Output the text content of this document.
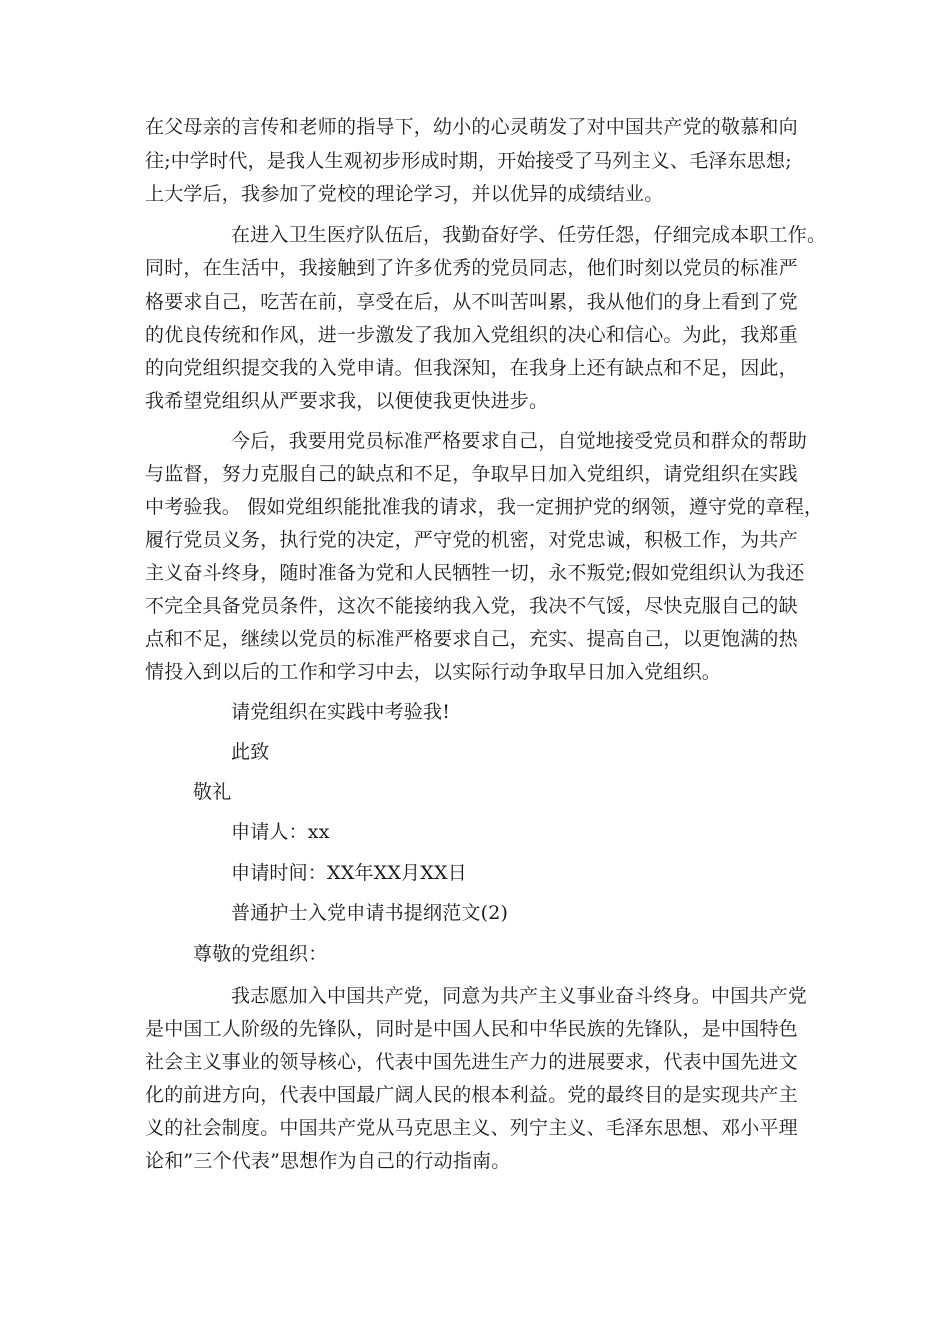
在父母亲的言传和老师的指导下，幼小的心灵萌发了对中国共产党的敬慕和向
往;中学时代，是我人生观初步形成时期，开始接受了马列主义、毛泽东思想;
上大学后，我参加了党校的理论学习，并以优异的成绩结业。
在进入卫生医疗队伍后，我勤奋好学、任劳任怨，仔细完成本职工作。
同时，在生活中，我接触到了许多优秀的党员同志，他们时刻以党员的标准严
格要求自己，吃苦在前，享受在后，从不叫苦叫累，我从他们的身上看到了党
的优良传统和作风，进一步激发了我加入党组织的决心和信心。为此，我郑重
的向党组织提交我的入党申请。但我深知，在我身上还有缺点和不足，因此，
我希望党组织从严要求我，以便使我更快进步。
今后，我要用党员标准严格要求自己，自觉地接受党员和群众的帮助
与监督，努力克服自己的缺点和不足，争取早日加入党组织，请党组织在实践
中考验我。 假如党组织能批准我的请求，我一定拥护党的纲领，遵守党的章程，
履行党员义务，执行党的决定，严守党的机密，对党忠诚，积极工作，为共产
主义奋斗终身，随时准备为党和人民牺牲一切，永不叛党;假如党组织认为我还
不完全具备党员条件，这次不能接纳我入党，我决不气馁，尽快克服自己的缺
点和不足，继续以党员的标准严格要求自己，充实、提高自己，以更饱满的热
情投入到以后的工作和学习中去，以实际行动争取早日加入党组织。
请党组织在实践中考验我!
此致
敬礼
申请人：xx
申请时间：XX年XX月XX日
普通护士入党申请书提纲范文(2)
尊敬的党组织：
我志愿加入中国共产党，同意为共产主义事业奋斗终身。中国共产党
是中国工人阶级的先锋队，同时是中国人民和中华民族的先锋队，是中国特色
社会主义事业的领导核心，代表中国先进生产力的进展要求，代表中国先进文
化的前进方向，代表中国最广阔人民的根本利益。党的最终目的是实现共产主
义的社会制度。中国共产党从马克思主义、列宁主义、毛泽东思想、邓小平理
论和”三个代表”思想作为自己的行动指南。
